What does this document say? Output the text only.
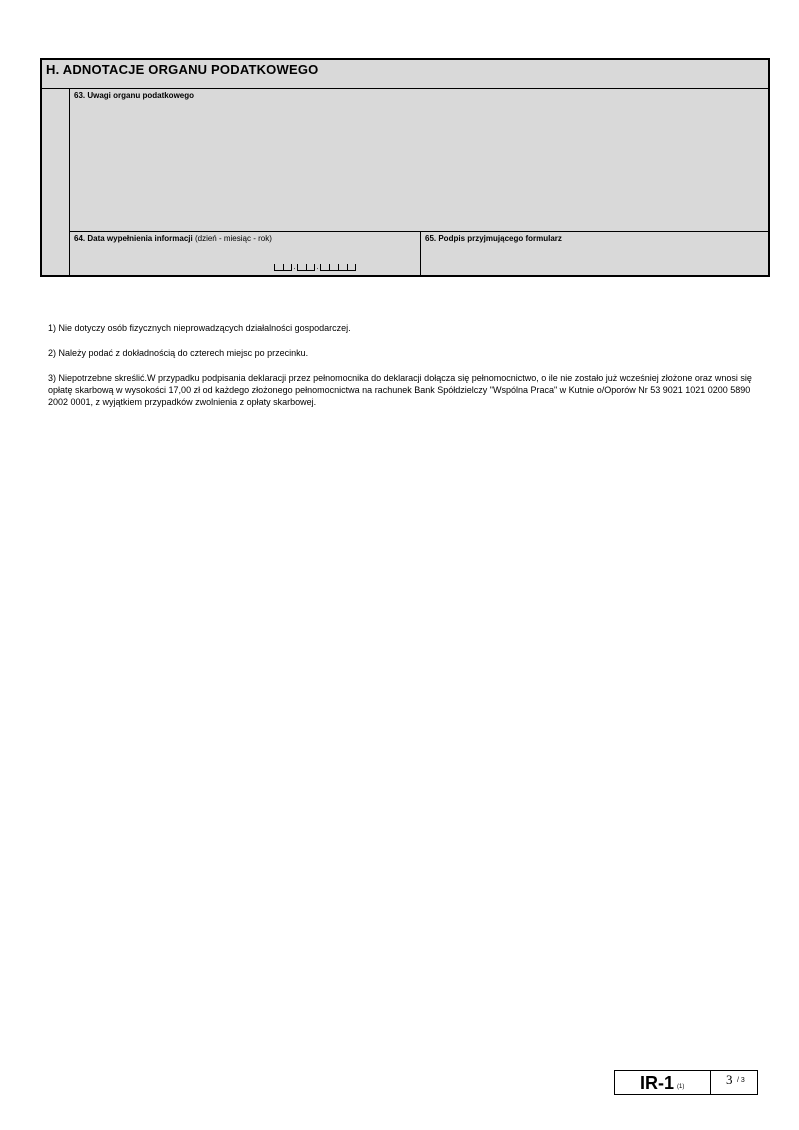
H. ADNOTACJE ORGANU PODATKOWEGO
63. Uwagi organu podatkowego
64. Data wypełnienia informacji (dzień - miesiąc - rok)
.	.
65. Podpis przyjmującego formularz

1) Nie dotyczy osób fizycznych nieprowadzących działalności gospodarczej.

2) Należy podać z dokładnością do czterech miejsc po przecinku.

3) Niepotrzebne skreślić.W przypadku podpisania deklaracji przez pełnomocnika do deklaracji dołącza się pełnomocnictwo, o ile nie zostało już wcześniej złożone oraz wnosi się opłatę skarbową w wysokości 17,00 zł od każdego złożonego pełnomocnictwa na rachunek Bank Spółdzielczy "Wspólna Praca" w Kutnie o/Oporów Nr 53 9021 1021 0200 5890 2002 0001, z wyjątkiem przypadków zwolnienia z opłaty skarbowej.

IR-1 (1)	3 / 3
